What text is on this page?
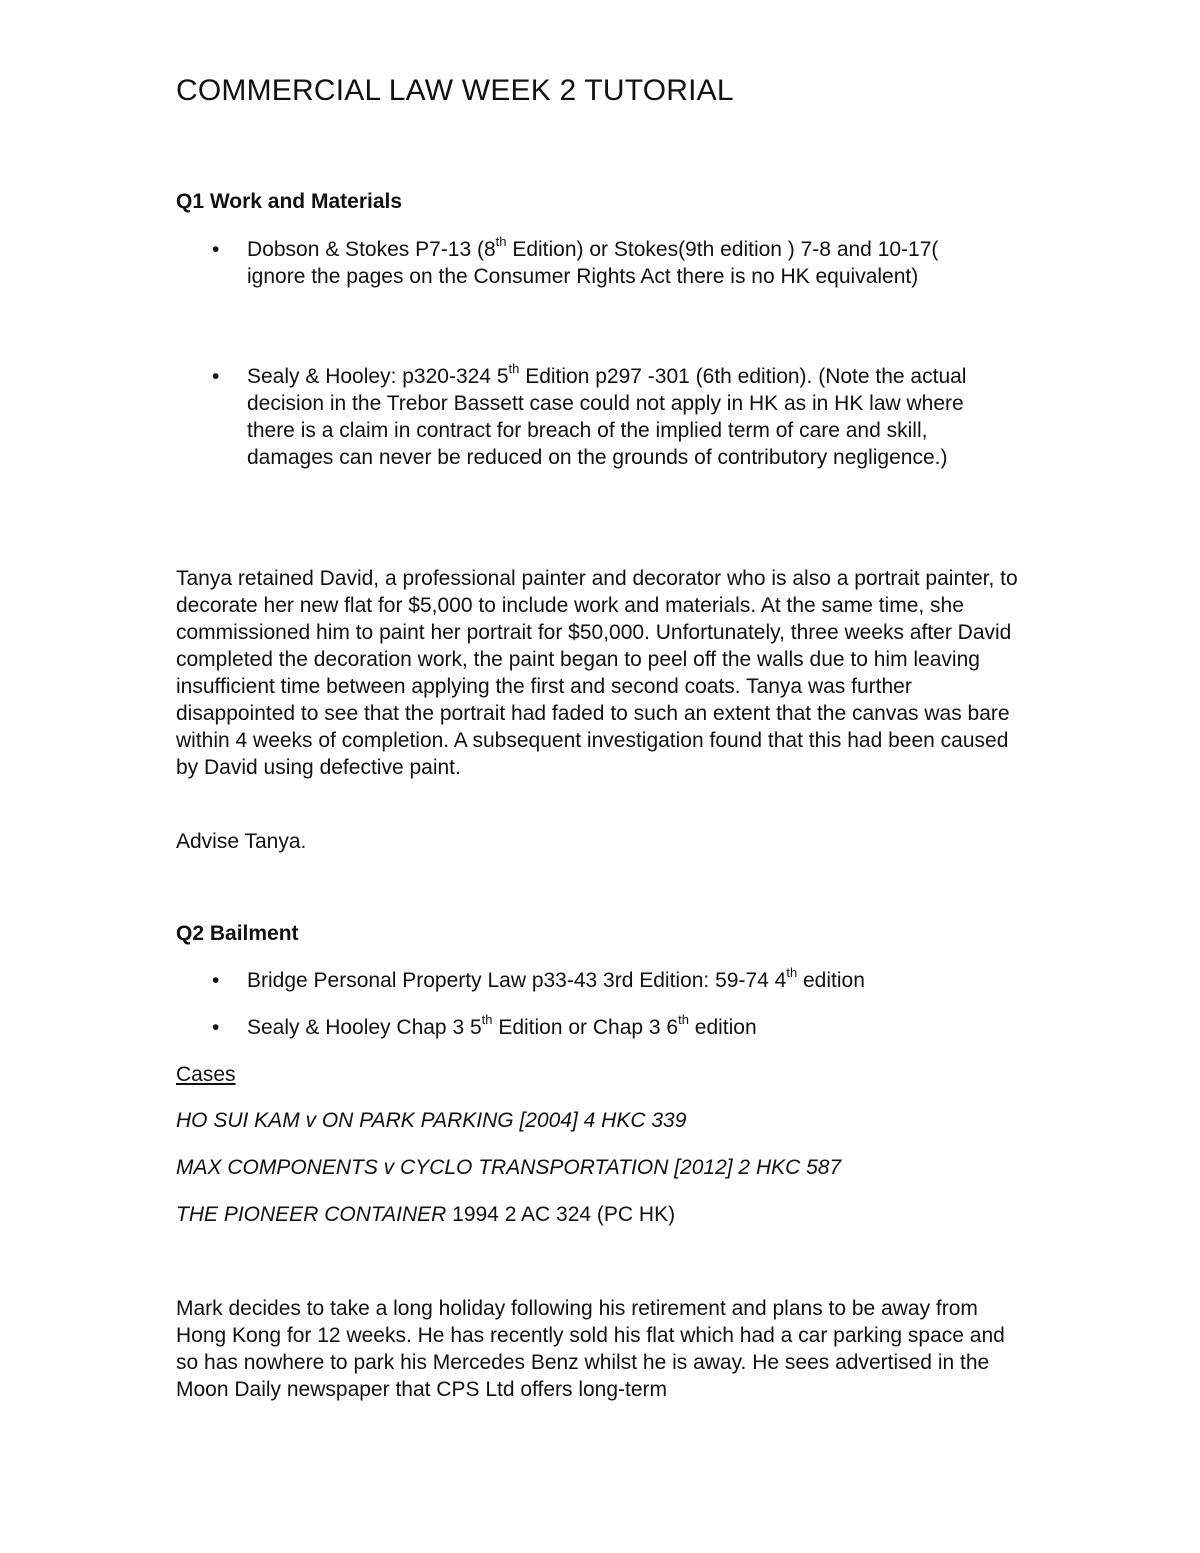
COMMERCIAL LAW WEEK 2 TUTORIAL
Q1 Work and Materials
• Dobson & Stokes P7-13 (8th Edition) or Stokes(9th edition ) 7-8 and 10-17( ignore the pages on the Consumer Rights Act there is no HK equivalent)
• Sealy & Hooley: p320-324 5th Edition p297 -301 (6th edition). (Note the actual decision in the Trebor Bassett case could not apply in HK as in HK law where there is a claim in contract for breach of the implied term of care and skill, damages can never be reduced on the grounds of contributory negligence.)

Tanya retained David, a professional painter and decorator who is also a portrait painter, to decorate her new flat for $5,000 to include work and materials. At the same time, she commissioned him to paint her portrait for $50,000. Unfortunately, three weeks after David completed the decoration work, the paint began to peel off the walls due to him leaving insufficient time between applying the first and second coats. Tanya was further disappointed to see that the portrait had faded to such an extent that the canvas was bare within 4 weeks of completion. A subsequent investigation found that this had been caused by David using defective paint.

Advise Tanya.

Q2 Bailment
• Bridge Personal Property Law p33-43 3rd Edition: 59-74 4th edition
• Sealy & Hooley Chap 3 5th Edition or Chap 3 6th edition

Cases

HO SUI KAM v ON PARK PARKING [2004] 4 HKC 339

MAX COMPONENTS v CYCLO TRANSPORTATION [2012] 2 HKC 587

THE PIONEER CONTAINER 1994 2 AC 324 (PC HK)

Mark decides to take a long holiday following his retirement and plans to be away from Hong Kong for 12 weeks. He has recently sold his flat which had a car parking space and so has nowhere to park his Mercedes Benz whilst he is away. He sees advertised in the Moon Daily newspaper that CPS Ltd offers long-term
